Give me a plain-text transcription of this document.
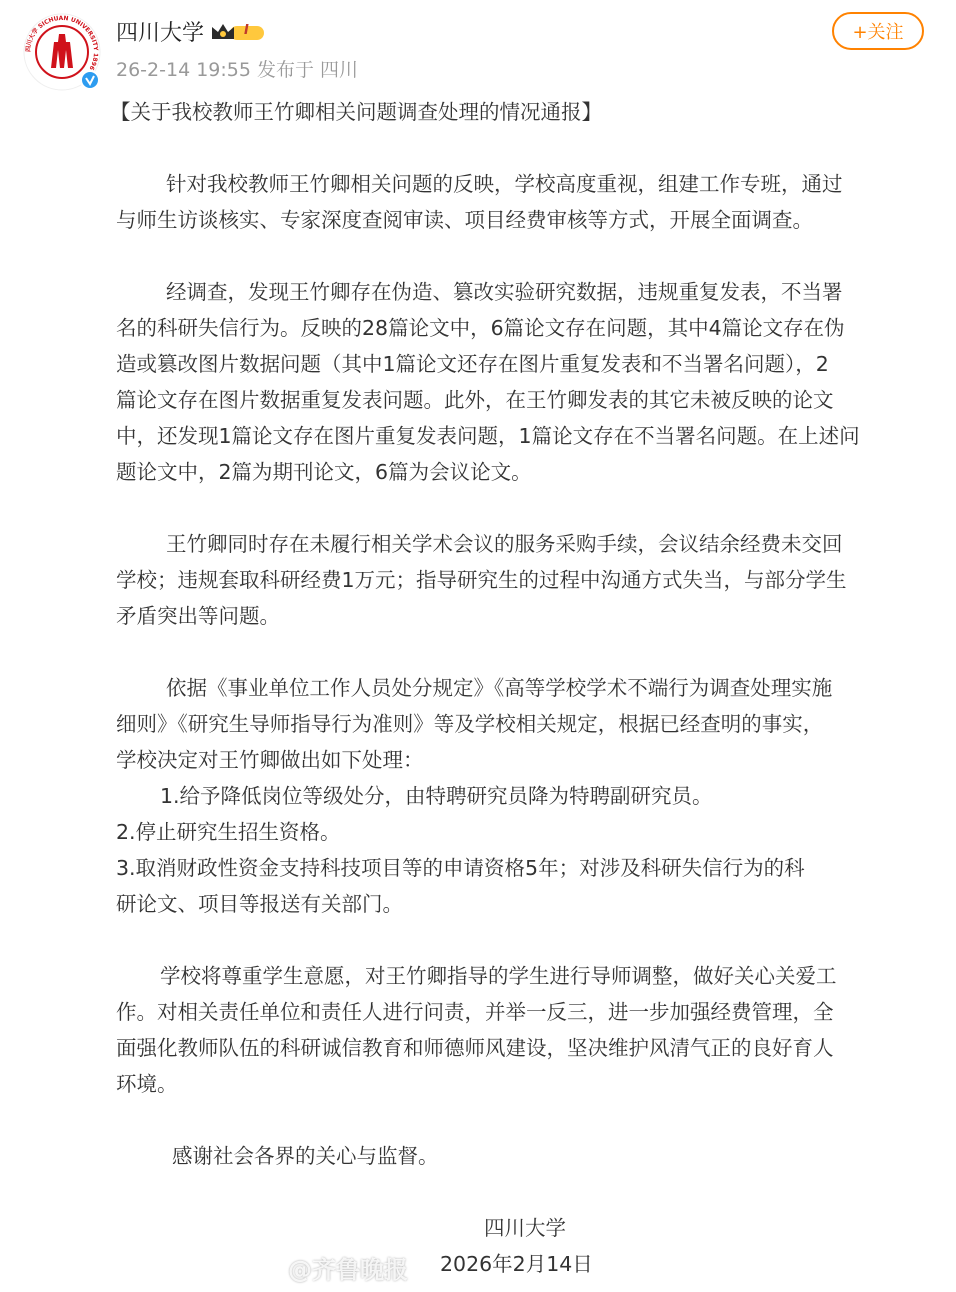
四川大学 SICHUAN UNIVERSITY 1896
四川大学	I
26-2-14 19:55 发布于 四川
+关注
【关于我校教师王竹卿相关问题调查处理的情况通报】
针对我校教师王竹卿相关问题的反映，学校高度重视，组建工作专班，通过
与师生访谈核实、专家深度查阅审读、项目经费审核等方式，开展全面调查。
经调查，发现王竹卿存在伪造、篡改实验研究数据，违规重复发表，不当署
名的科研失信行为。反映的28篇论文中，6篇论文存在问题，其中4篇论文存在伪
造或篡改图片数据问题（其中1篇论文还存在图片重复发表和不当署名问题），2
篇论文存在图片数据重复发表问题。此外，在王竹卿发表的其它未被反映的论文
中，还发现1篇论文存在图片重复发表问题，1篇论文存在不当署名问题。在上述问
题论文中，2篇为期刊论文，6篇为会议论文。
王竹卿同时存在未履行相关学术会议的服务采购手续，会议结余经费未交回
学校；违规套取科研经费1万元；指导研究生的过程中沟通方式失当，与部分学生
矛盾突出等问题。
依据《事业单位工作人员处分规定》《高等学校学术不端行为调查处理实施
细则》《研究生导师指导行为准则》等及学校相关规定，根据已经查明的事实，
学校决定对王竹卿做出如下处理：
1.给予降低岗位等级处分，由特聘研究员降为特聘副研究员。
2.停止研究生招生资格。
3.取消财政性资金支持科技项目等的申请资格5年；对涉及科研失信行为的科
研论文、项目等报送有关部门。
学校将尊重学生意愿，对王竹卿指导的学生进行导师调整，做好关心关爱工
作。对相关责任单位和责任人进行问责，并举一反三，进一步加强经费管理，全
面强化教师队伍的科研诚信教育和师德师风建设，坚决维护风清气正的良好育人
环境。
感谢社会各界的关心与监督。
四川大学
2026年2月14日
@齐鲁晚报
